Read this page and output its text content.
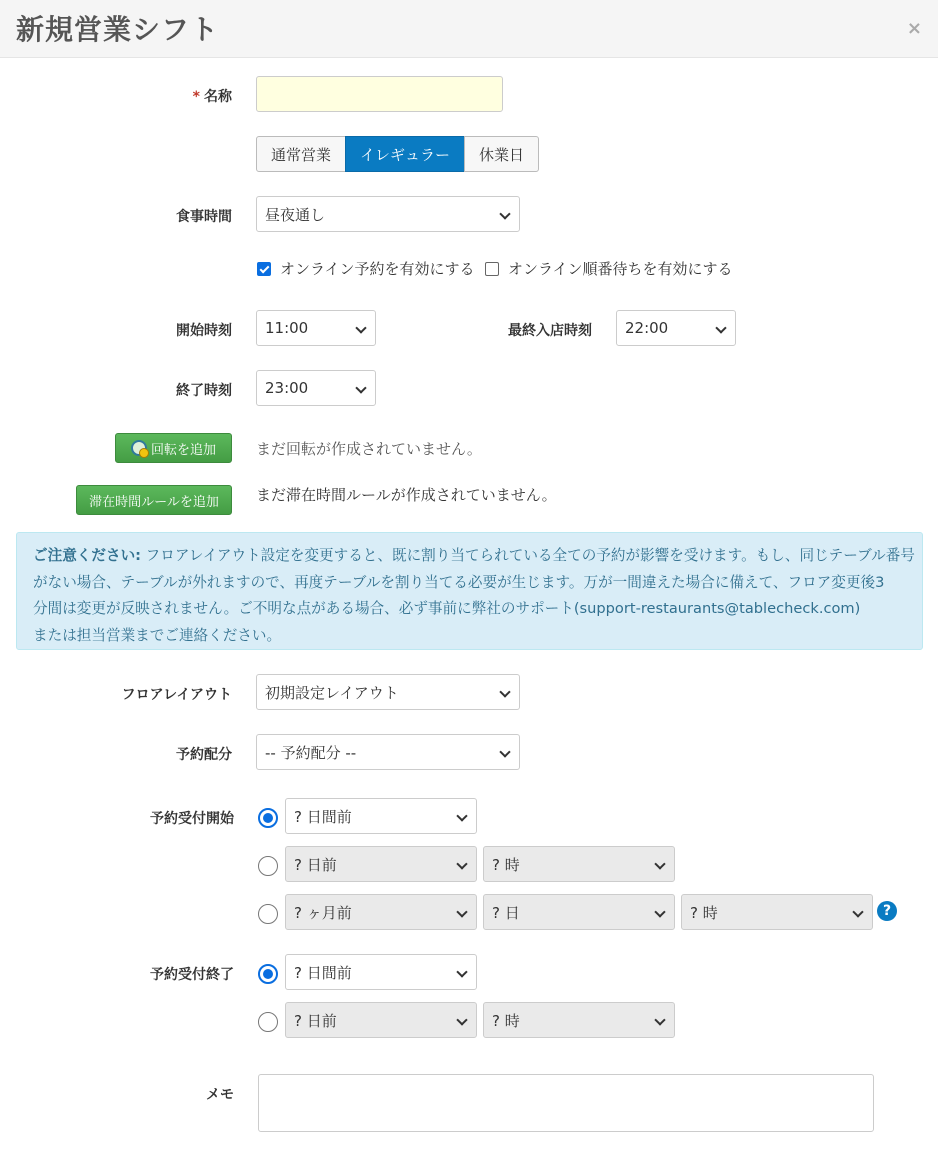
新規営業シフト	×
* 名称
通常営業	イレギュラー	休業日
食事時間 昼夜通し
オンライン予約を有効にする オンライン順番待ちを有効にする
開始時刻 11:00	最終入店時刻 22:00
終了時刻 23:00
回転を追加	まだ回転が作成されていません。
滞在時間ルールを追加	まだ滞在時間ルールが作成されていません。
ご注意ください: フロアレイアウト設定を変更すると、既に割り当てられている全ての予約が影響を受けます。もし、同じテーブル番号
がない場合、テーブルが外れますので、再度テーブルを割り当てる必要が生じます。万が一間違えた場合に備えて、フロア変更後3
分間は変更が反映されません。ご不明な点がある場合、必ず事前に弊社のサポート(support-restaurants@tablecheck.com)
または担当営業までご連絡ください。
フロアレイアウト 初期設定レイアウト
予約配分 -- 予約配分 --
予約受付開始	? 日間前
? 日前	? 時
? ヶ月前	? 日	? 時	?
予約受付終了	? 日間前
? 日前	? 時
メモ
